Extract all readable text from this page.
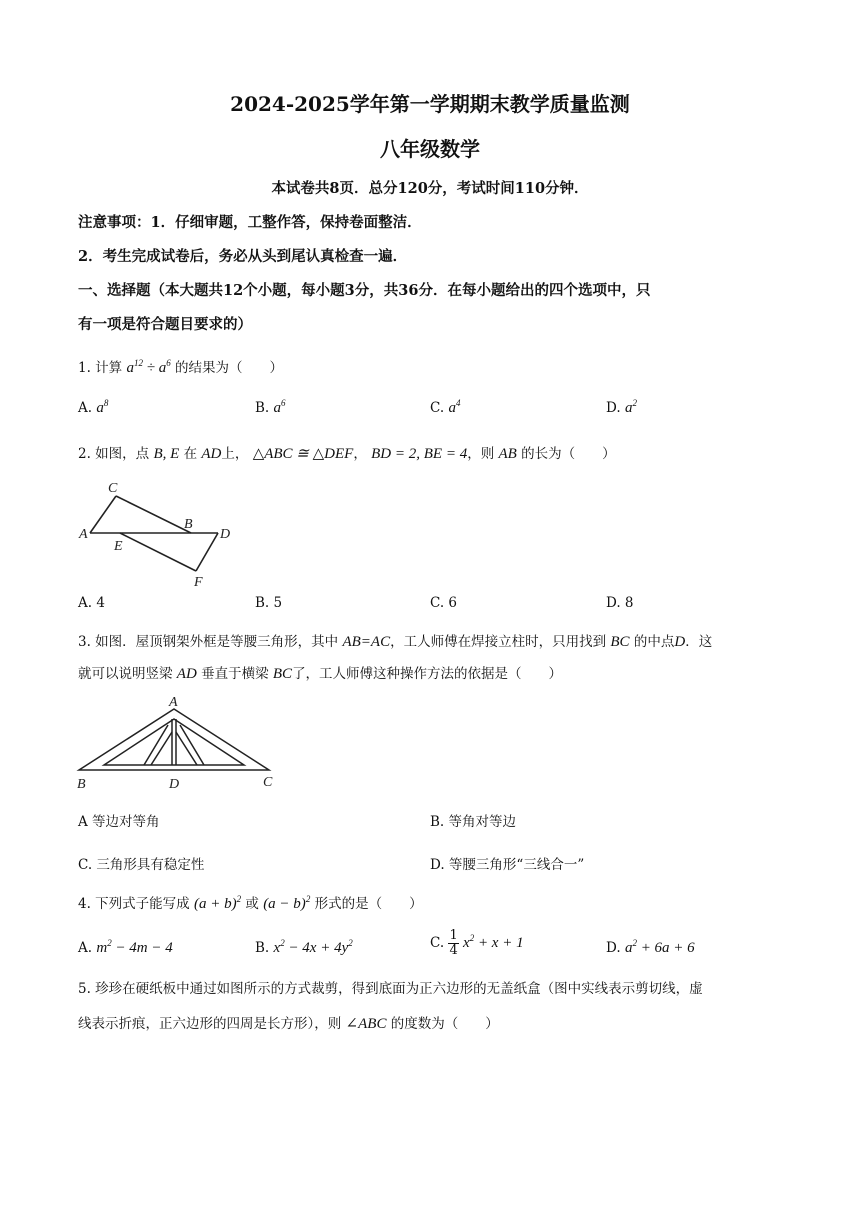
2024-2025学年第一学期期末教学质量监测
八年级数学
本试卷共8页．总分120分，考试时间110分钟．
注意事项：1．仔细审题，工整作答，保持卷面整洁．
2．考生完成试卷后，务必从头到尾认真检查一遍．
一、选择题（本大题共12个小题，每小题3分，共36分．在每小题给出的四个选项中，只
有一项是符合题目要求的）
1. 计算 $a^{12} \div a^6$ 的结果为（　　）
A. $a^8$	B. $a^6$	C. $a^4$	D. $a^2$
2. 如图，点 B, E 在 AD上， △ABC ≅ △DEF， BD = 2, BE = 4，则 AB 的长为（　　）
C
A
E
B
D
F
A. 4	B. 5	C. 6	D. 8
3. 如图．屋顶钢架外框是等腰三角形，其中 AB=AC，工人师傅在焊接立柱时，只用找到 BC 的中点D．这
就可以说明竖梁 AD 垂直于横梁 BC了，工人师傅这种操作方法的依据是（　　）
A
B	D	C
A 等边对等角	B. 等角对等边
C. 三角形具有稳定性	D. 等腰三角形“三线合一”
4. 下列式子能写成 $(a + b)^2$ 或 $(a - b)^2$ 形式的是（　　）
A. $m^2 - 4m - 4$	B. $x^2 - 4x + 4y^2$	C. $\frac{1}{4} x^2 + x + 1$	D. $a^2 + 6a + 6$
5. 珍珍在硬纸板中通过如图所示的方式裁剪，得到底面为正六边形的无盖纸盒（图中实线表示剪切线，虚
线表示折痕，正六边形的四周是长方形），则 ∠ABC 的度数为（　　）
